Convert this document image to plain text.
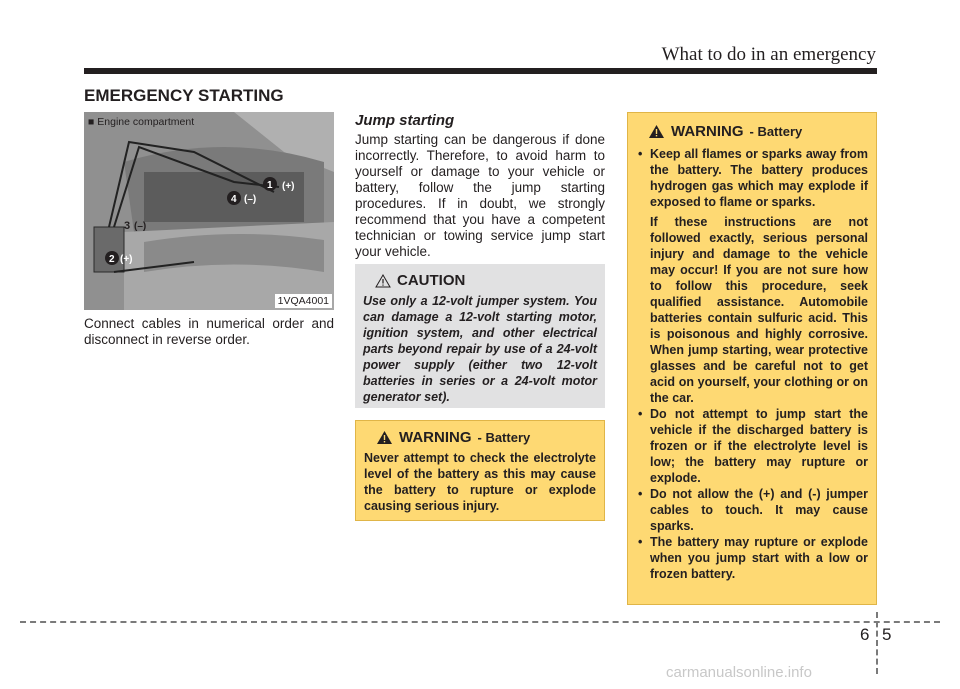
What to do in an emergency
EMERGENCY STARTING
1 (+)
2 (+)
3 (–)
4 (–)
■ Engine compartment
1VQA4001
Connect cables in numerical order and disconnect in reverse order.
Jump starting
Jump starting can be dangerous if done incorrectly. Therefore, to avoid harm to yourself or damage to your vehicle or battery, follow the jump starting procedures. If in doubt, we strongly recommend that you have a competent technician or towing service jump start your vehicle.
CAUTION
Use only a 12-volt jumper system. You can damage a 12-volt starting motor, ignition system, and other electrical parts beyond repair by use of a 24-volt power supply (either two 12-volt batteries in series or a 24-volt motor generator set).
WARNING - Battery
Never attempt to check the electrolyte level of the battery as this may cause the battery to rupture or explode causing serious injury.
WARNING - Battery
• Keep all flames or sparks away from the battery. The battery produces hydrogen gas which may explode if exposed to flame or sparks.
If these instructions are not followed exactly, serious personal injury and damage to the vehicle may occur! If you are not sure how to follow this procedure, seek qualified assistance. Automobile batteries contain sulfuric acid. This is poisonous and highly corrosive. When jump starting, wear protective glasses and be careful not to get acid on yourself, your clothing or on the car.
• Do not attempt to jump start the vehicle if the discharged battery is frozen or if the electrolyte level is low; the battery may rupture or explode.
• Do not allow the (+) and (-) jumper cables to touch. It may cause sparks.
• The battery may rupture or explode when you jump start with a low or frozen battery.
6 5
carmanualsonline.info
